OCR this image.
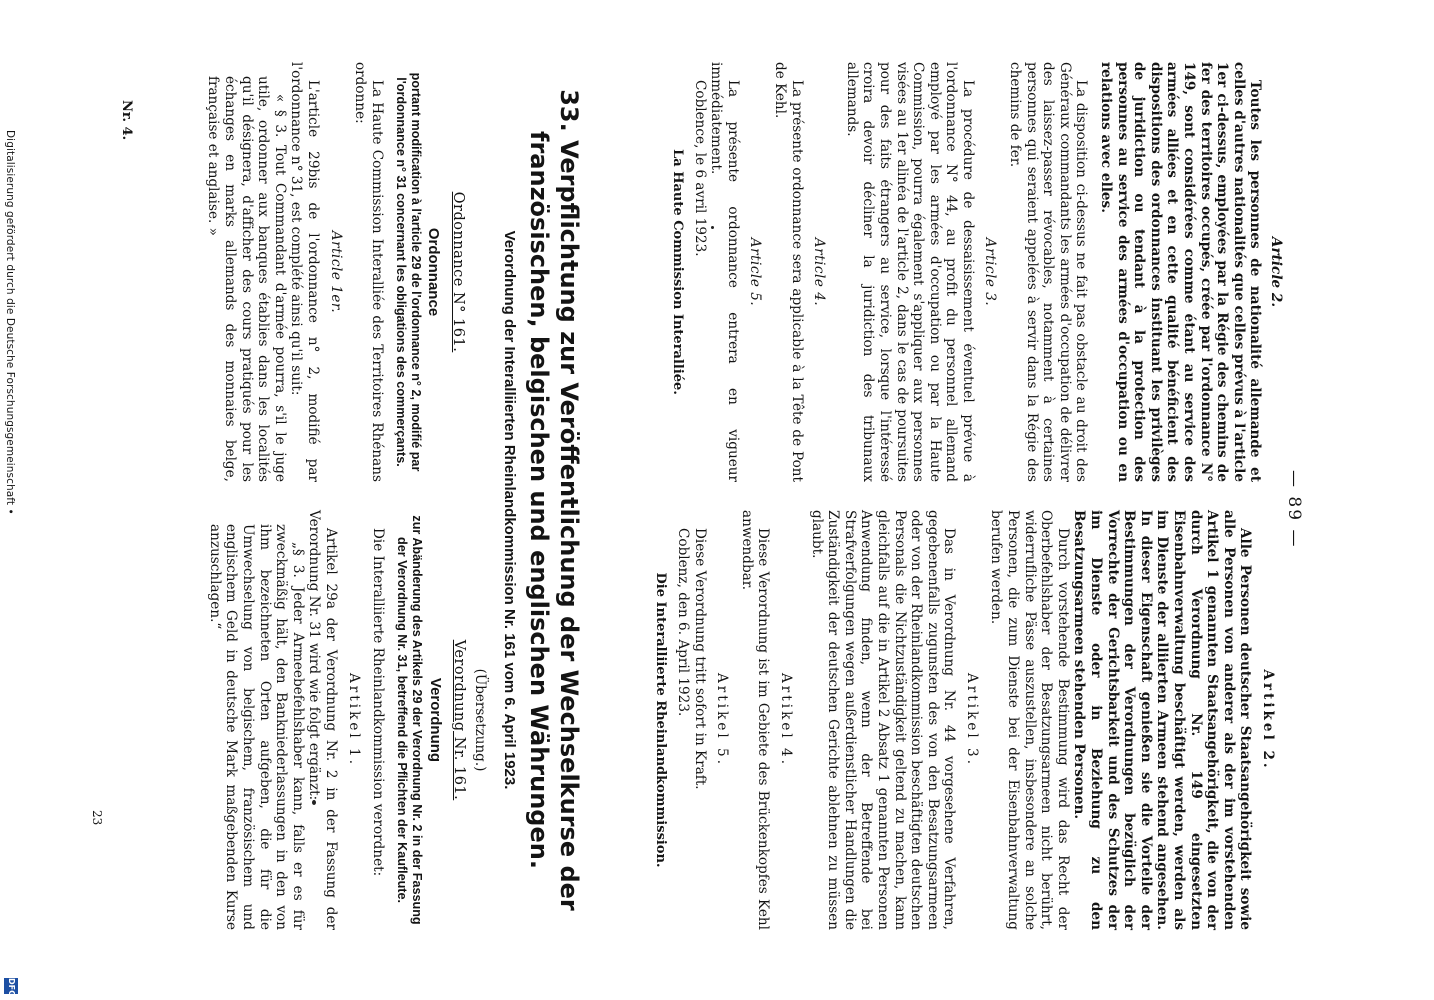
— 89 —
Article 2.

Toutes les personnes de nationalité allemande et celles d'autres nationalités que celles prévus à l'article 1er ci-dessus, employées par la Régie des chemins de fer des territoires occupés, créée par l'ordonnance N° 149, sont considérées comme étant au service des armées alliées et en cette qualité bénéficient des dispositions des ordonnances instituant les privilèges de juridiction ou tendant à la protection des personnes au service des armées d'occupation ou en relations avec elles.

La disposition ci-dessus ne fait pas obstacle au droit des Généraux commandants les armées d'occupation de délivrer des laissez-passer révocables, notamment à certaines personnes qui seraient appelées à servir dans la Régie des chemins de fer.

Article 3.

La procédure de dessaisissement éventuel prévue à l'ordonnance N° 44, au profit du personnel allemand employé par les armées d'occupation ou par la Haute Commission, pourra également s'appliquer aux personnes visées au 1er alinéa de l'article 2, dans le cas de poursuites pour des faits étrangers au service, lorsque l'intéressé croira devoir décliner la juridiction des tribunaux allemands.

Article 4.

La présente ordonnance sera applicable à la Tête de Pont de Kehl.

Article 5.

La présente ordonnance entrera en vigueur immédiatement.

Coblence, le 6 avril 1923.

La Haute Commission Interalliée.
Artikel 2.

Alle Personen deutscher Staatsangehörigkeit sowie alle Personen von anderer als der im vorstehenden Artikel 1 genannten Staatsangehörigkeit, die von der durch Verordnung Nr. 149 eingesetzten Eisenbahnverwaltung beschäftigt werden, werden als im Dienste der alliierten Armeen stehend angesehen. In dieser Eigenschaft genießen sie die Vorteile der Bestimmungen der Verordnungen bezüglich der Vorrechte der Gerichtsbarkeit und des Schutzes der im Dienste oder in Beziehung zu den Besatzungsarmeen stehenden Personen.

Durch vorstehende Bestimmung wird das Recht der Oberbefehlshaber der Besatzungsarmeen nicht berührt, widerrufliche Pässe auszustellen, insbesondere an solche Personen, die zum Dienste bei der Eisenbahnverwaltung berufen werden.

Artikel 3.

Das in Verordnung Nr. 44 vorgesehene Verfahren, gegebenenfalls zugunsten des von den Besatzungsarmeen oder von der Rheinlandkommission beschäftigten deutschen Personals die Nichtzuständigkeit geltend zu machen, kann gleichfalls auf die in Artikel 2 Absatz 1 genannten Personen Anwendung finden, wenn der Betreffende bei Strafverfolgungen wegen außerdienstlicher Handlungen die Zuständigkeit der deutschen Gerichte ablehnen zu müssen glaubt.

Artikel 4.

Diese Verordnung ist im Gebiete des Brückenkopfes Kehl anwendbar.

Artikel 5.

Diese Verordnung tritt sofort in Kraft.

Coblenz, den 6. April 1923.

Die Interalliierte Rheinlandkommission.
33. Verpflichtung zur Veröffentlichung der Wechselkurse der französischen, belgischen und englischen Währungen.
Verordnung der Interalliierten Rheinlandkommission Nr. 161 vom 6. April 1923.
Ordonnance N° 161.
Ordonnance
portant modification à l'article 29 de l'ordonnance n° 2, modifié par l'ordonnance n° 31 concernant les obligations des commerçants.

La Haute Commission Interalliée des Territoires Rhénans ordonne:

Article 1er.

L'article 29bis de l'ordonnance n° 2, modifié par l'ordonnance n° 31, est complété ainsi qu'il suit:

« § 3. Tout Commandant d'armée pourra, s'il le juge utile, ordonner aux banques établies dans les localités qu'il désignera, d'afficher des cours pratiqués pour les échanges en marks allemands des monnaies belge, française et anglaise. »

(Übersetzung.)
Verordnung Nr. 161.
Verordnung
zur Abänderung des Artikels 29 der Verordnung Nr. 2 in der Fassung der Verordnung Nr. 31, betreffend die Pflichten der Kaufleute.

Die Interalliierte Rheinlandkommission verordnet:

Artikel 1.

Artikel 29a der Verordnung Nr. 2 in der Fassung der Verordnung Nr. 31 wird wie folgt ergänzt:

„§ 3. Jeder Armeebefehlshaber kann, falls er es für zweckmäßig hält, den Bankniederlassungen in den von ihm bezeichneten Orten aufgeben, die für die Umwechselung von belgischem, französischem und englischem Geld in deutsche Mark maßgebenden Kurse anzuschlagen.“

Nr. 4.
23
Digitalisierung gefördert durch die Deutsche Forschungsgemeinschaft •
DFG
